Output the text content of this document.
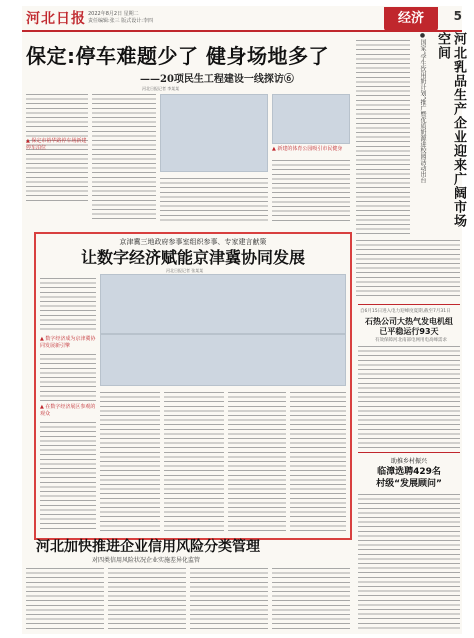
河北日报 2022年8月2日 星期二
责任编辑:张三 版式设计:李四	经济	5
保定:停车难题少了 健身场地多了
——20项民生工程建设一线探访⑥
河北日报记者 李某某
▲ 保定市裕华路停车场新建停车泊位	▲ 新建的体育公园吸引市民健身	河北乳品生产企业迎来广阔市场空间
●国家“学生饮用奶计划”推广暨优质奶源进校园活动出台
京津冀三地政府参事室组织参事、专家建言献策
让数字经济赋能京津冀协同发展
河北日报记者 张某某
▲ 数字经济成为京津冀协同发展新引擎
▲ 在数字经济展区参观的观众
自6月15日进入电力迎峰度夏期,截至7月31日
石热公司大热气发电机组
已平稳运行93天
有效保障河北南部电网用电高峰需求
助推乡村振兴
临漳选聘429名
村级“发展顾问”
河北加快推进企业信用风险分类管理
对四类信用风险状况企业实施差异化监管
